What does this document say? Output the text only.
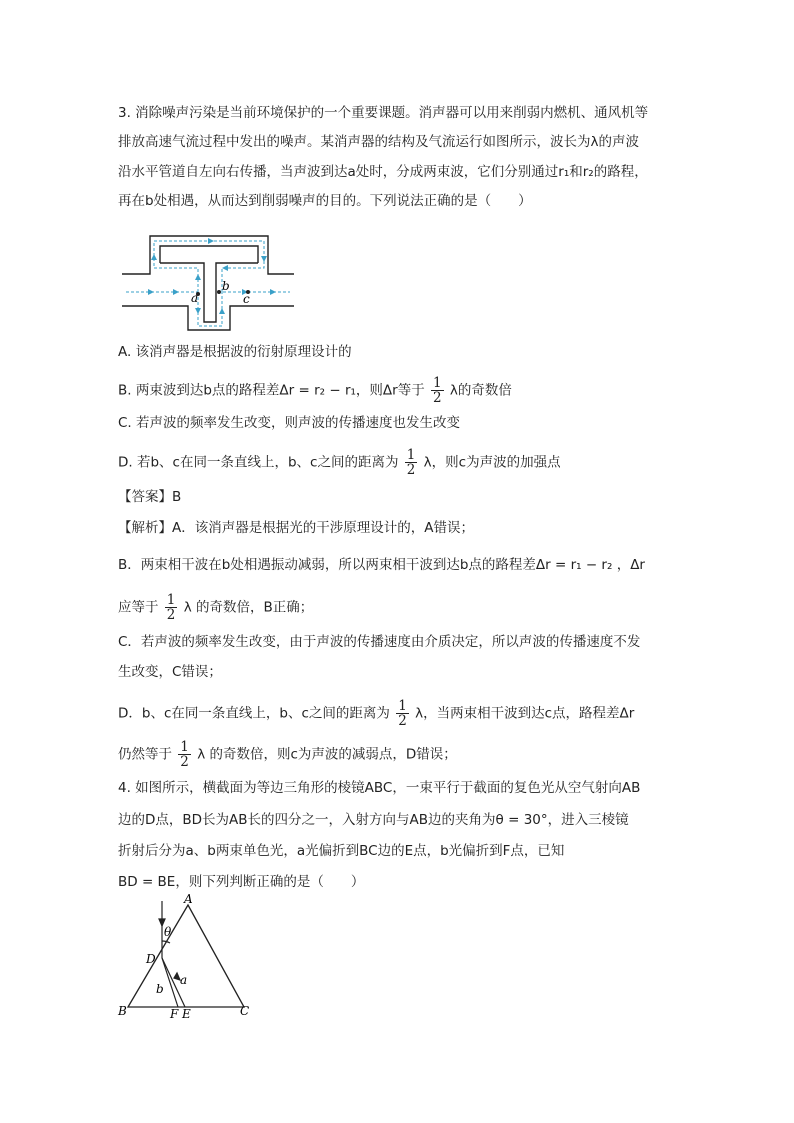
3. 消除噪声污染是当前环境保护的一个重要课题。消声器可以用来削弱内燃机、通风机等
排放高速气流过程中发出的噪声。某消声器的结构及气流运行如图所示，波长为λ的声波
沿水平管道自左向右传播，当声波到达a处时，分成两束波，它们分别通过r₁和r₂的路程，
再在b处相遇，从而达到削弱噪声的目的。下列说法正确的是（　　）
a
b
c
A. 该消声器是根据波的衍射原理设计的
B. 两束波到达b点的路程差Δr = r₂ − r₁，则Δr等于 $\frac{1}{2}$ λ的奇数倍
C. 若声波的频率发生改变，则声波的传播速度也发生改变
D. 若b、c在同一条直线上，b、c之间的距离为 $\frac{1}{2}$ λ，则c为声波的加强点
【答案】B
【解析】A．该消声器是根据光的干涉原理设计的，A错误；
B．两束相干波在b处相遇振动减弱，所以两束相干波到达b点的路程差Δr = r₁ − r₂ ，Δr
应等于 $\frac{1}{2}$ λ 的奇数倍，B正确；
C．若声波的频率发生改变，由于声波的传播速度由介质决定，所以声波的传播速度不发
生改变，C错误；
D．b、c在同一条直线上，b、c之间的距离为 $\frac{1}{2}$ λ，当两束相干波到达c点，路程差Δr
仍然等于 $\frac{1}{2}$ λ 的奇数倍，则c为声波的减弱点，D错误；
4. 如图所示，横截面为等边三角形的棱镜ABC，一束平行于截面的复色光从空气射向AB
边的D点，BD长为AB长的四分之一，入射方向与AB边的夹角为θ = 30°，进入三棱镜
折射后分为a、b两束单色光，a光偏折到BC边的E点，b光偏折到F点，已知
BD = BE，则下列判断正确的是（　　）
A
B	C
D
F E
θ
a
b
